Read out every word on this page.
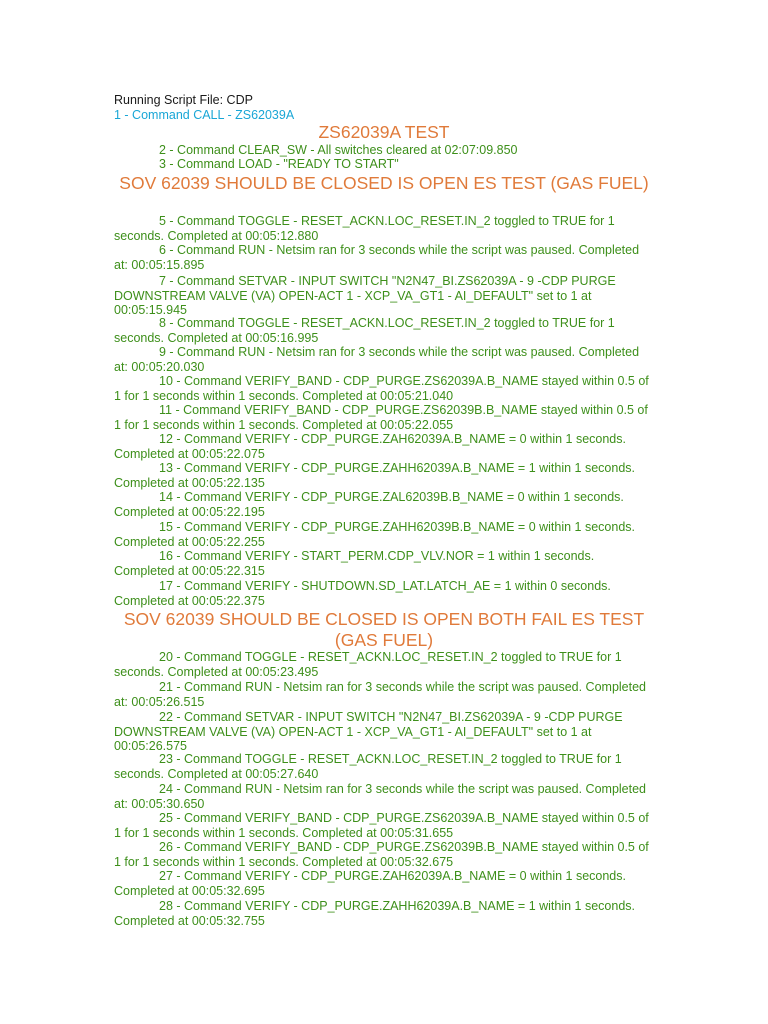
Running Script File: CDP

1 - Command CALL - ZS62039A

ZS62039A TEST

2 - Command CLEAR_SW - All switches cleared at 02:07:09.850

3 - Command LOAD - "READY TO START"

SOV 62039 SHOULD BE CLOSED IS OPEN ES TEST (GAS FUEL)

5 - Command TOGGLE - RESET_ACKN.LOC_RESET.IN_2 toggled to TRUE for 1 seconds. Completed at 00:05:12.880

6 - Command RUN - Netsim ran for 3 seconds while the script was paused. Completed at: 00:05:15.895

7 - Command SETVAR - INPUT SWITCH "N2N47_BI.ZS62039A - 9 -CDP PURGE DOWNSTREAM VALVE (VA) OPEN-ACT 1 - XCP_VA_GT1 - AI_DEFAULT" set to 1 at 00:05:15.945

8 - Command TOGGLE - RESET_ACKN.LOC_RESET.IN_2 toggled to TRUE for 1 seconds. Completed at 00:05:16.995

9 - Command RUN - Netsim ran for 3 seconds while the script was paused. Completed at: 00:05:20.030

10 - Command VERIFY_BAND - CDP_PURGE.ZS62039A.B_NAME stayed within 0.5 of 1 for 1 seconds within 1 seconds. Completed at 00:05:21.040

11 - Command VERIFY_BAND - CDP_PURGE.ZS62039B.B_NAME stayed within 0.5 of 1 for 1 seconds within 1 seconds. Completed at 00:05:22.055

12 - Command VERIFY - CDP_PURGE.ZAH62039A.B_NAME = 0 within 1 seconds. Completed at 00:05:22.075

13 - Command VERIFY - CDP_PURGE.ZAHH62039A.B_NAME = 1 within 1 seconds. Completed at 00:05:22.135

14 - Command VERIFY - CDP_PURGE.ZAL62039B.B_NAME = 0 within 1 seconds. Completed at 00:05:22.195

15 - Command VERIFY - CDP_PURGE.ZAHH62039B.B_NAME = 0 within 1 seconds. Completed at 00:05:22.255

16 - Command VERIFY - START_PERM.CDP_VLV.NOR = 1 within 1 seconds. Completed at 00:05:22.315

17 - Command VERIFY - SHUTDOWN.SD_LAT.LATCH_AE = 1 within 0 seconds. Completed at 00:05:22.375

SOV 62039 SHOULD BE CLOSED IS OPEN BOTH FAIL ES TEST (GAS FUEL)

20 - Command TOGGLE - RESET_ACKN.LOC_RESET.IN_2 toggled to TRUE for 1 seconds. Completed at 00:05:23.495

21 - Command RUN - Netsim ran for 3 seconds while the script was paused. Completed at: 00:05:26.515

22 - Command SETVAR - INPUT SWITCH "N2N47_BI.ZS62039A - 9 -CDP PURGE DOWNSTREAM VALVE (VA) OPEN-ACT 1 - XCP_VA_GT1 - AI_DEFAULT" set to 1 at 00:05:26.575

23 - Command TOGGLE - RESET_ACKN.LOC_RESET.IN_2 toggled to TRUE for 1 seconds. Completed at 00:05:27.640

24 - Command RUN - Netsim ran for 3 seconds while the script was paused. Completed at: 00:05:30.650

25 - Command VERIFY_BAND - CDP_PURGE.ZS62039A.B_NAME stayed within 0.5 of 1 for 1 seconds within 1 seconds. Completed at 00:05:31.655

26 - Command VERIFY_BAND - CDP_PURGE.ZS62039B.B_NAME stayed within 0.5 of 1 for 1 seconds within 1 seconds. Completed at 00:05:32.675

27 - Command VERIFY - CDP_PURGE.ZAH62039A.B_NAME = 0 within 1 seconds. Completed at 00:05:32.695

28 - Command VERIFY - CDP_PURGE.ZAHH62039A.B_NAME = 1 within 1 seconds. Completed at 00:05:32.755
